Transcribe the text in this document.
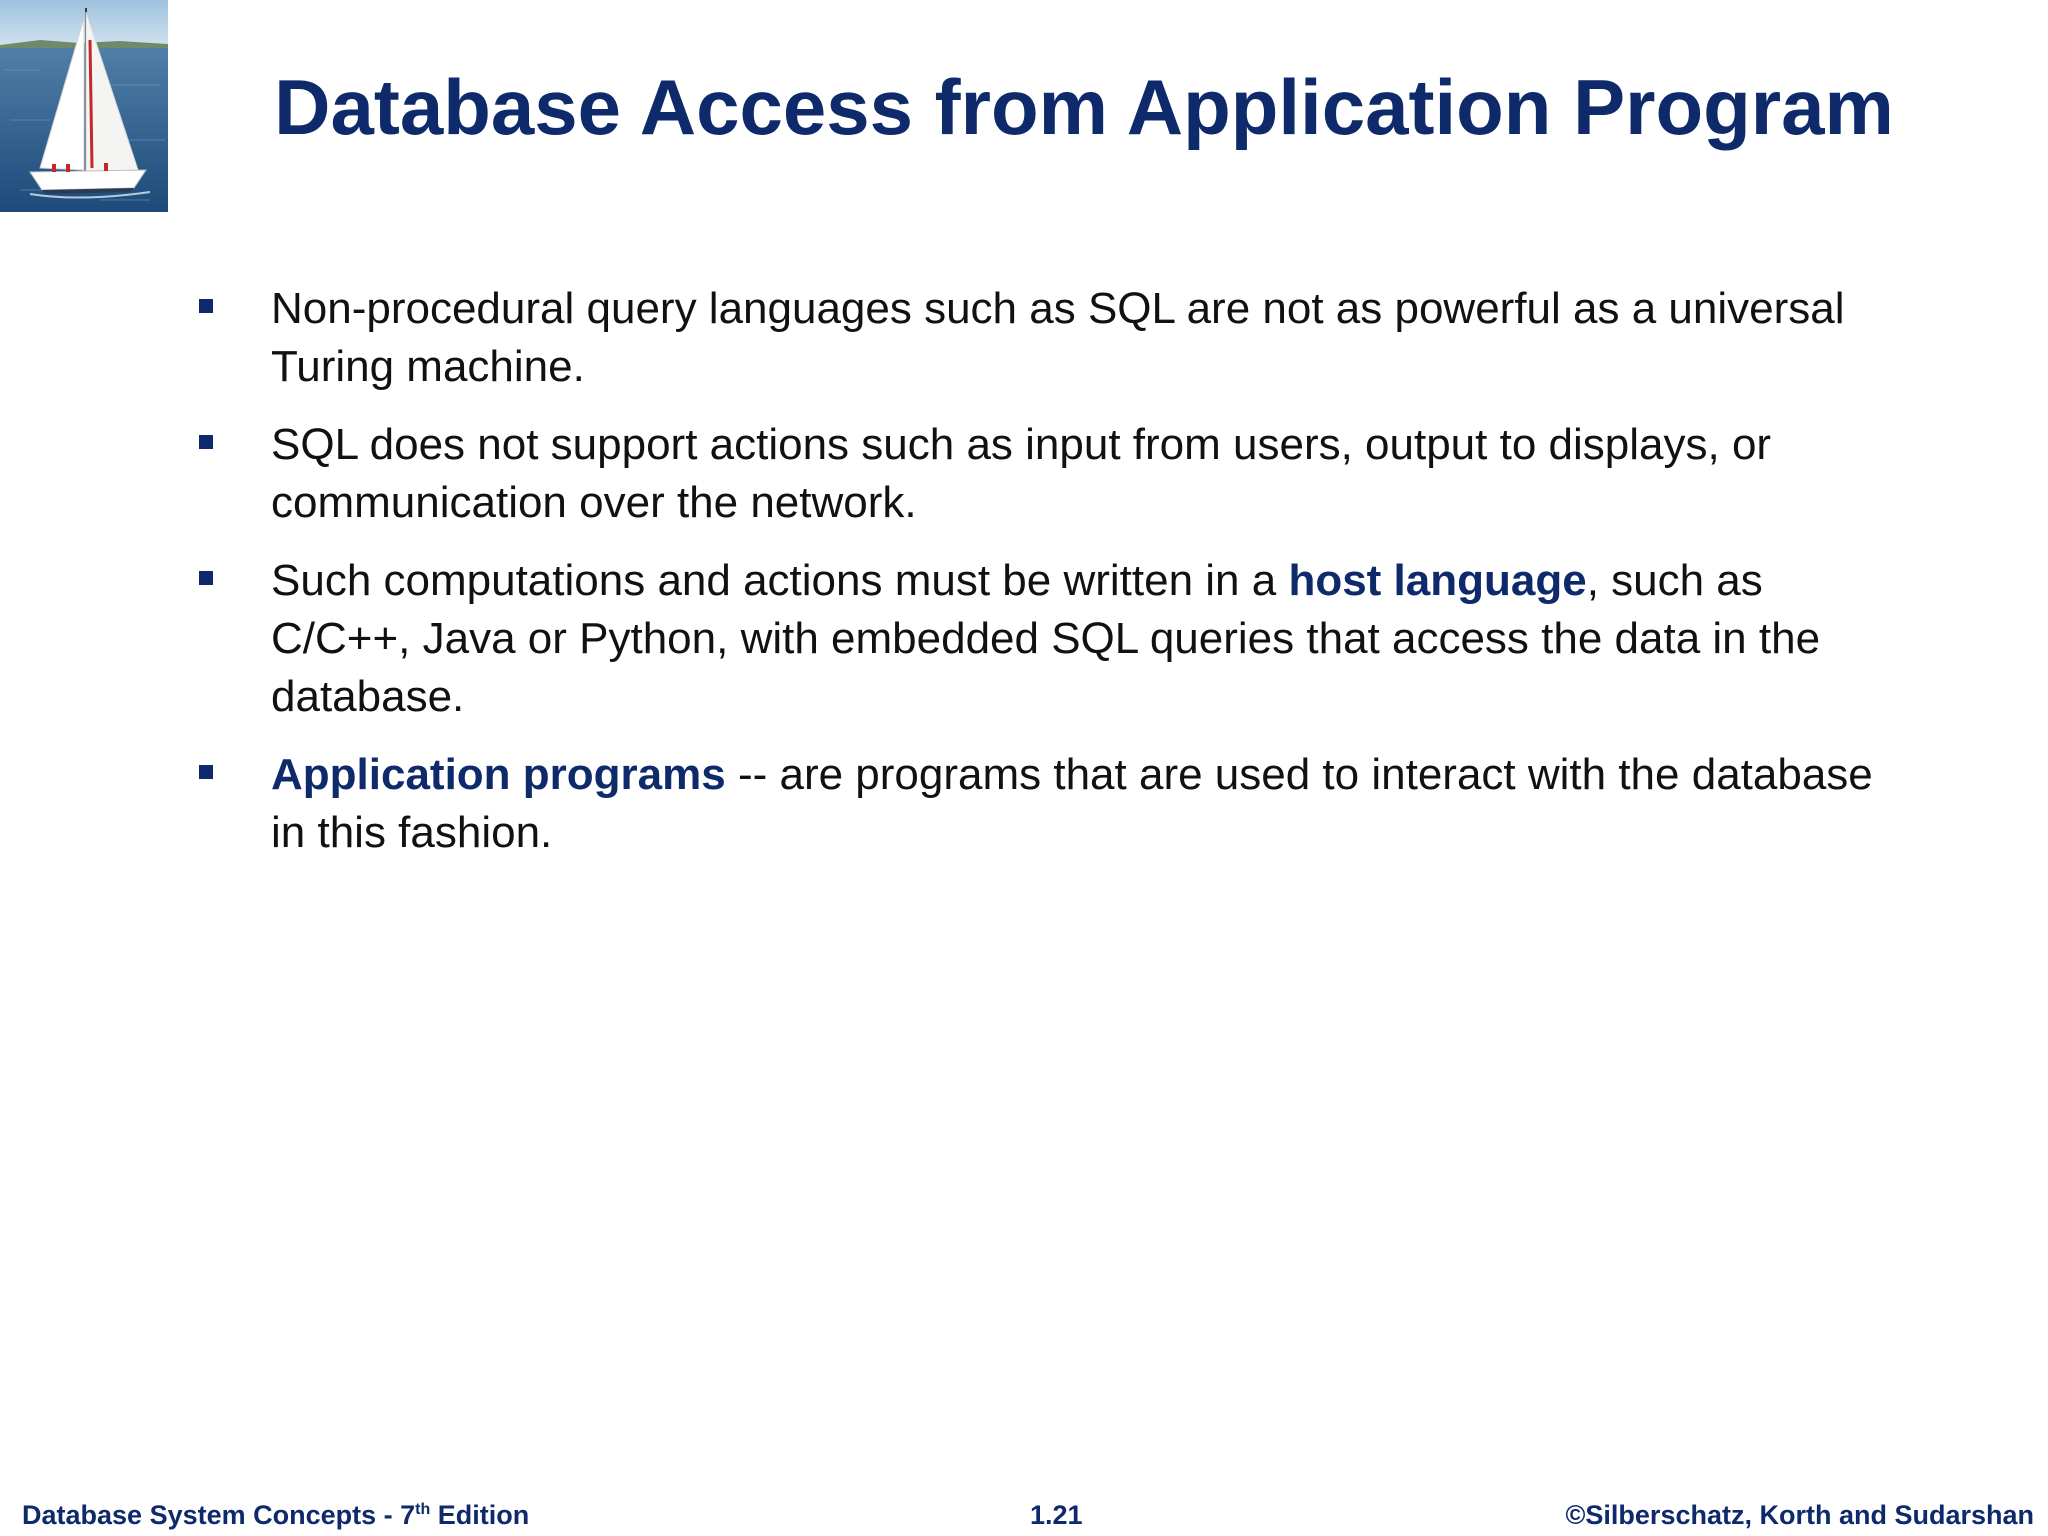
Database Access from Application Program
Non-procedural query languages such as SQL are not as powerful as a universal Turing machine.
SQL does not support actions such as input from users, output to displays, or communication over the network.
Such computations and actions must be written in a host language, such as C/C++, Java or Python, with embedded SQL queries that access the data in the database.
Application programs -- are programs that are used to interact with the database in this fashion.
Database System Concepts - 7th Edition	1.21	©Silberschatz, Korth and Sudarshan
